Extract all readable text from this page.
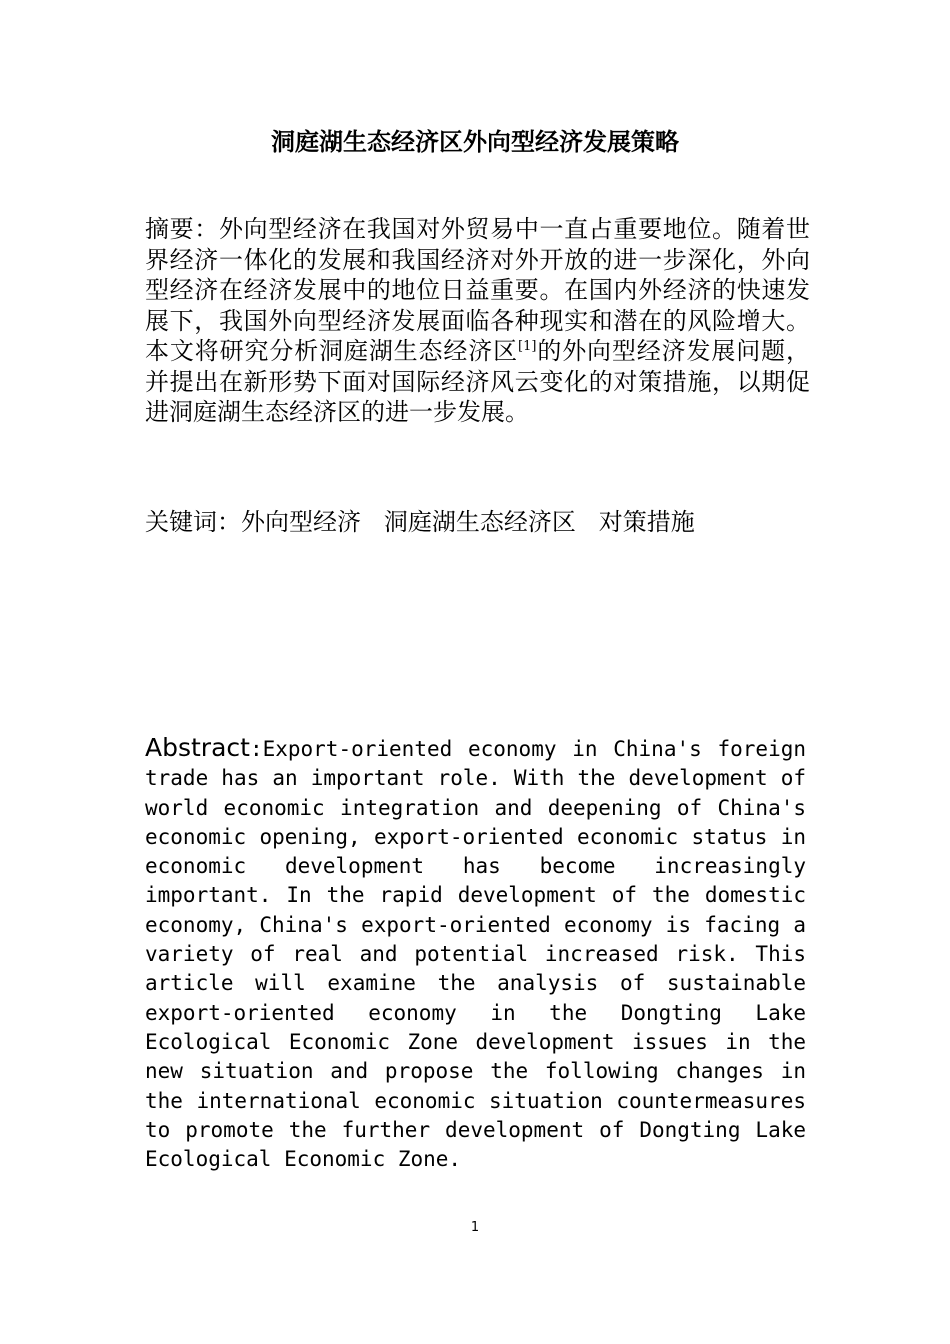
洞庭湖生态经济区外向型经济发展策略
摘要：外向型经济在我国对外贸易中一直占重要地位。随着世界经济一体化的发展和我国经济对外开放的进一步深化，外向型经济在经济发展中的地位日益重要。在国内外经济的快速发展下，我国外向型经济发展面临各种现实和潜在的风险增大。本文将研究分析洞庭湖生态经济区[1]的外向型经济发展问题，并提出在新形势下面对国际经济风云变化的对策措施，以期促进洞庭湖生态经济区的进一步发展。
关键词：外向型经济   洞庭湖生态经济区   对策措施
Abstract:Export-oriented economy in China's foreign trade has an important role. With the development of world economic integration and deepening of China's economic opening, export-oriented economic status in economic development has become increasingly important. In the rapid development of the domestic economy, China's export-oriented economy is facing a variety of real and potential increased risk. This article will examine the analysis of sustainable export-oriented economy in the Dongting Lake Ecological Economic Zone development issues in the new situation and propose the following changes in the international economic situation countermeasures to promote the further development of Dongting Lake Ecological Economic Zone.
1
